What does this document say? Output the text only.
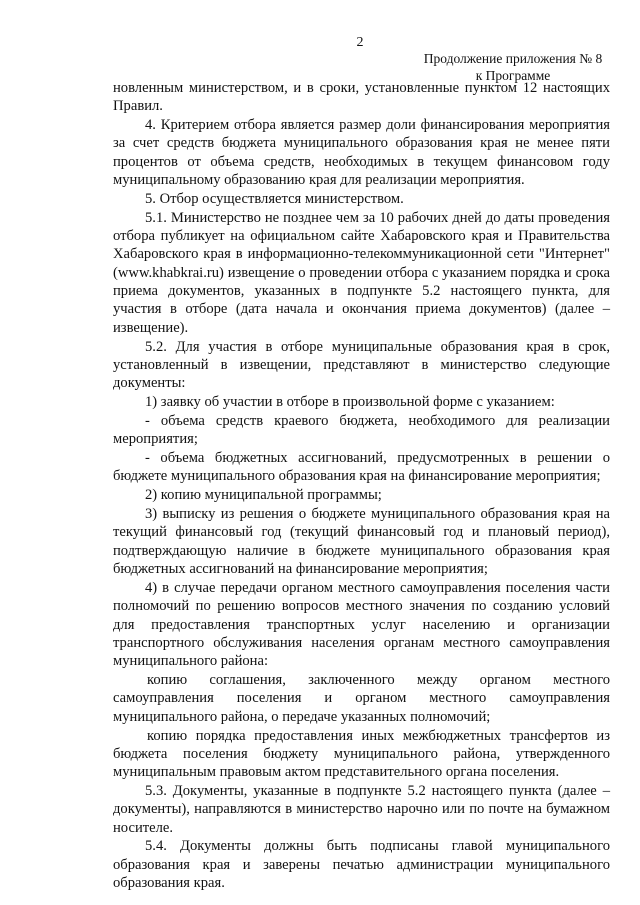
2
Продолжение приложения № 8
к Программе

новленным министерством, и в сроки, установленные пунктом 12 настоящих Правил.

4. Критерием отбора является размер доли финансирования мероприятия за счет средств бюджета муниципального образования края не менее пяти процентов от объема средств, необходимых в текущем финансовом году муниципальному образованию края для реализации мероприятия.

5. Отбор осуществляется министерством.

5.1. Министерство не позднее чем за 10 рабочих дней до даты проведения отбора публикует на официальном сайте Хабаровского края и Правительства Хабаровского края в информационно-телекоммуникационной сети "Интернет" (www.khabkrai.ru) извещение о проведении отбора с указанием порядка и срока приема документов, указанных в подпункте 5.2 настоящего пункта, для участия в отборе (дата начала и окончания приема документов) (далее – извещение).

5.2. Для участия в отборе муниципальные образования края в срок, установленный в извещении, представляют в министерство следующие документы:

1) заявку об участии в отборе в произвольной форме с указанием:

- объема средств краевого бюджета, необходимого для реализации мероприятия;

- объема бюджетных ассигнований, предусмотренных в решении о бюджете муниципального образования края на финансирование мероприятия;

2) копию муниципальной программы;

3) выписку из решения о бюджете муниципального образования края на текущий финансовый год (текущий финансовый год и плановый период), подтверждающую наличие в бюджете муниципального образования края бюджетных ассигнований на финансирование мероприятия;

4) в случае передачи органом местного самоуправления поселения части полномочий по решению вопросов местного значения по созданию условий для предоставления транспортных услуг населению и организации транспортного обслуживания населения органам местного самоуправления муниципального района:

копию соглашения, заключенного между органом местного самоуправления поселения и органом местного самоуправления муниципального района, о передаче указанных полномочий;

копию порядка предоставления иных межбюджетных трансфертов из бюджета поселения бюджету муниципального района, утвержденного муниципальным правовым актом представительного органа поселения.

5.3. Документы, указанные в подпункте 5.2 настоящего пункта (далее – документы), направляются в министерство нарочно или по почте на бумажном носителе.

5.4. Документы должны быть подписаны главой муниципального образования края и заверены печатью администрации муниципального образования края.
